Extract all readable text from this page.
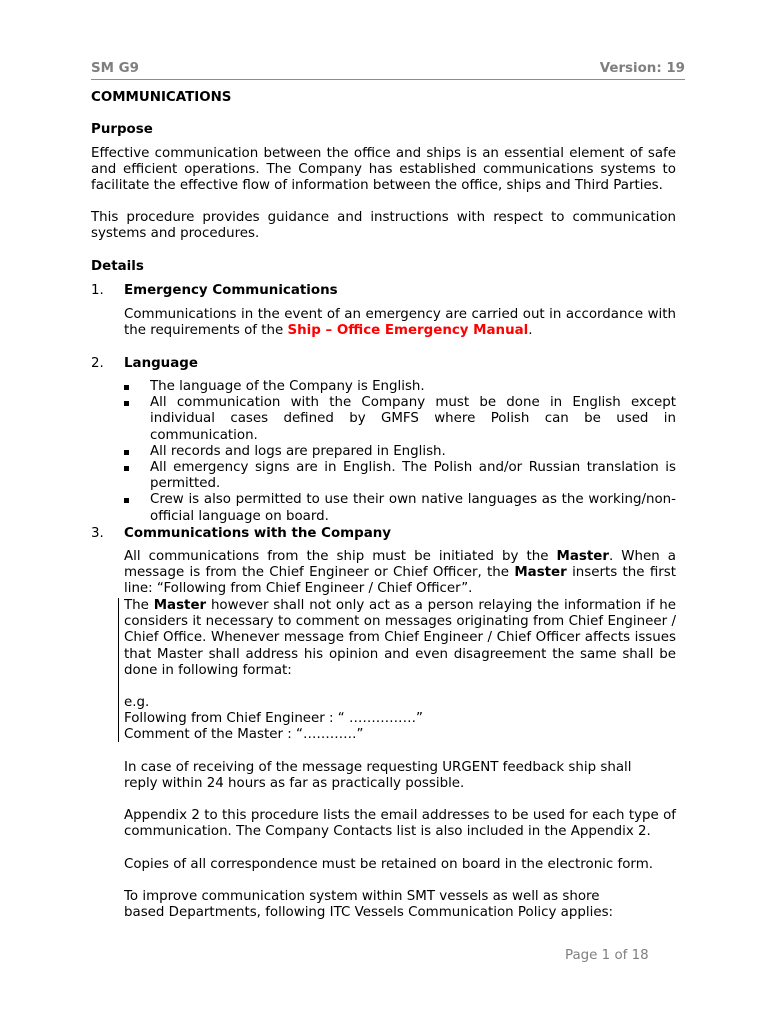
SM G9	Version: 19
COMMUNICATIONS
Purpose
Effective communication between the office and ships is an essential element of safe and efficient operations. The Company has established communications systems to facilitate the effective flow of information between the office, ships and Third Parties.
This procedure provides guidance and instructions with respect to communication systems and procedures.
Details
1. Emergency Communications
Communications in the event of an emergency are carried out in accordance with the requirements of the Ship – Office Emergency Manual.
2. Language
The language of the Company is English.
All communication with the Company must be done in English except individual cases defined by GMFS where Polish can be used in communication.
All records and logs are prepared in English.
All emergency signs are in English. The Polish and/or Russian translation is permitted.
Crew is also permitted to use their own native languages as the working/non-official language on board.
3. Communications with the Company
All communications from the ship must be initiated by the Master. When a message is from the Chief Engineer or Chief Officer, the Master inserts the first line: “Following from Chief Engineer / Chief Officer”.
The Master however shall not only act as a person relaying the information if he considers it necessary to comment on messages originating from Chief Engineer / Chief Office. Whenever message from Chief Engineer / Chief Officer affects issues that Master shall address his opinion and even disagreement the same shall be done in following format:
e.g.
Following from Chief Engineer : “ ……………”
Comment of the Master : “…………”
In case of receiving of the message requesting URGENT feedback ship shall reply within 24 hours as far as practically possible.
Appendix 2 to this procedure lists the email addresses to be used for each type of communication. The Company Contacts list is also included in the Appendix 2.
Copies of all correspondence must be retained on board in the electronic form.
To improve communication system within SMT vessels as well as shore based Departments, following ITC Vessels Communication Policy applies:
Page 1 of 18
